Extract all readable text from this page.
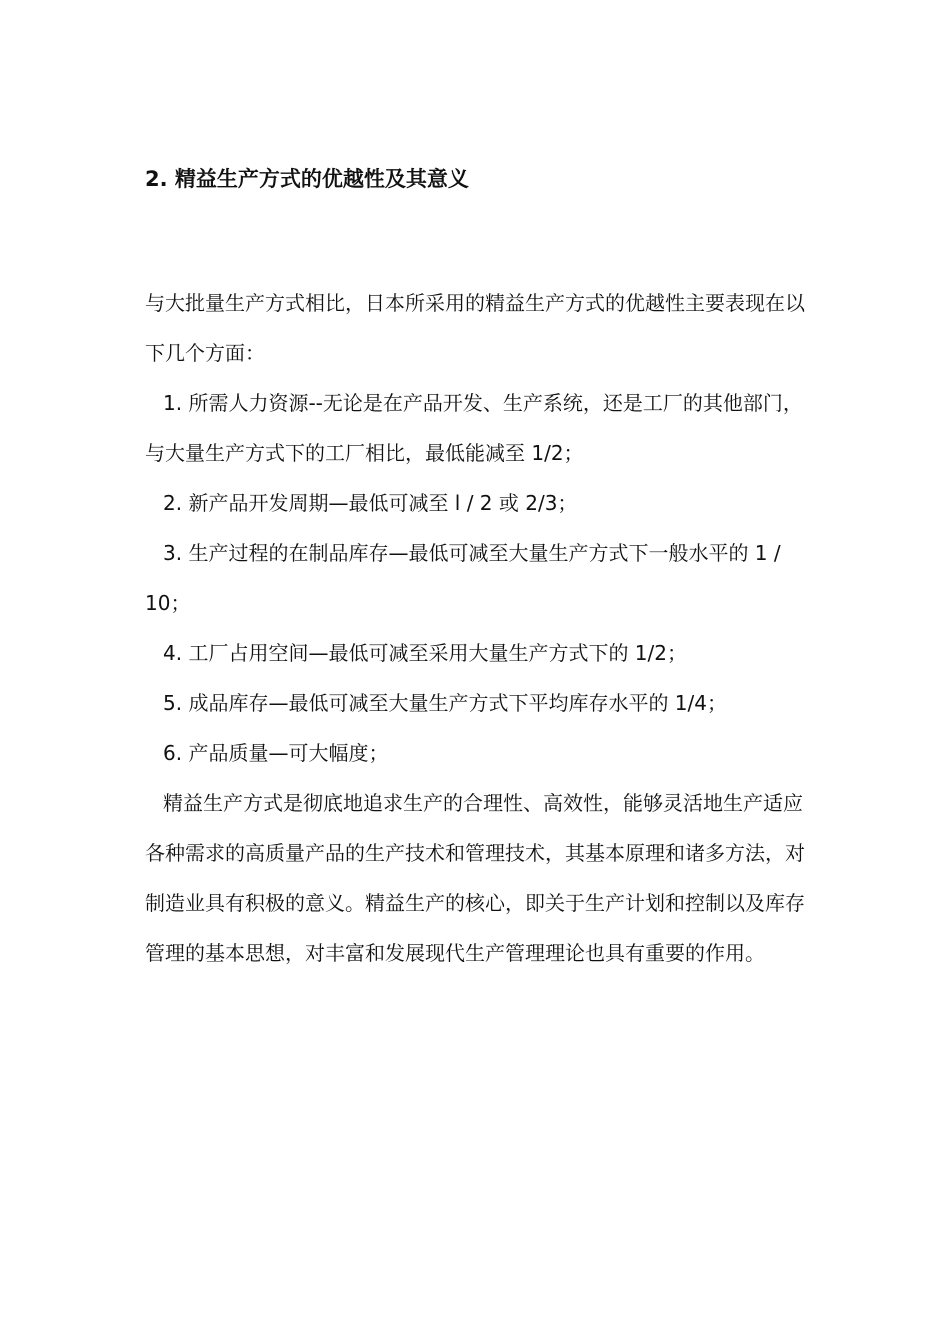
2. 精益生产方式的优越性及其意义

与大批量生产方式相比，日本所采用的精益生产方式的优越性主要表现在以下几个方面：

1. 所需人力资源--无论是在产品开发、生产系统，还是工厂的其他部门，与大量生产方式下的工厂相比，最低能减至 1/2；

2. 新产品开发周期—最低可减至 l / 2 或 2/3；

3. 生产过程的在制品库存—最低可减至大量生产方式下一般水平的 1 / 10；

4. 工厂占用空间—最低可减至采用大量生产方式下的 1/2；

5. 成品库存—最低可减至大量生产方式下平均库存水平的 1/4；

6. 产品质量—可大幅度；

精益生产方式是彻底地追求生产的合理性、高效性，能够灵活地生产适应各种需求的高质量产品的生产技术和管理技术，其基本原理和诸多方法，对制造业具有积极的意义。精益生产的核心，即关于生产计划和控制以及库存管理的基本思想，对丰富和发展现代生产管理理论也具有重要的作用。
